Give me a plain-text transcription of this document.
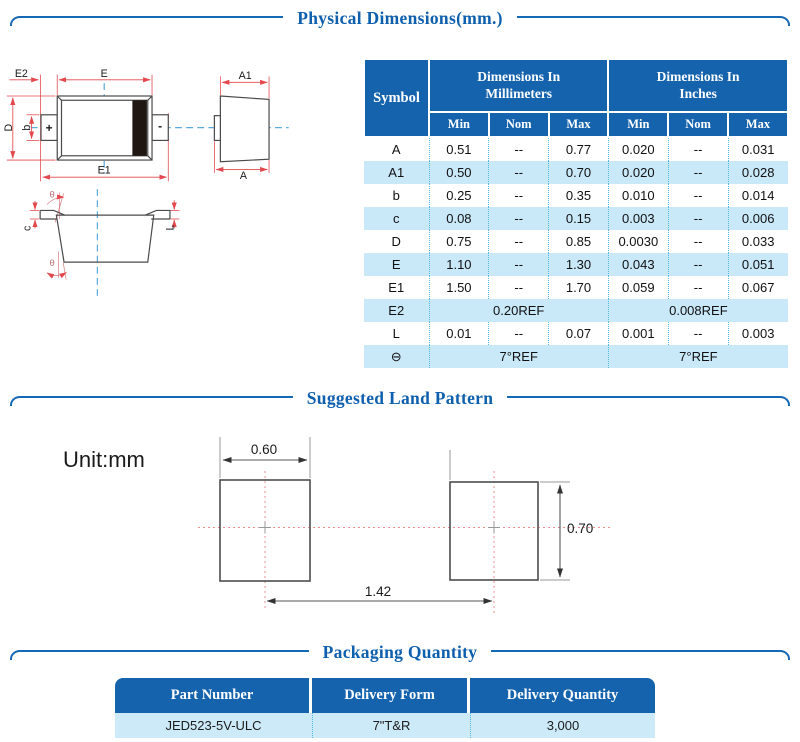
Physical Dimensions(mm.)
E2	E
E1
D b +	-
A1
A
c	L
θ
θ
Symbol	Dimensions In Millimeters			Dimensions In Inches		
	Min	Nom	Max	Min	Nom	Max
A	0.51	--	0.77	0.020	--	0.031
A1	0.50	--	0.70	0.020	--	0.028
b	0.25	--	0.35	0.010	--	0.014
c	0.08	--	0.15	0.003	--	0.006
D	0.75	--	0.85	0.0030	--	0.033
E	1.10	--	1.30	0.043	--	0.051
E1	1.50	--	1.70	0.059	--	0.067
E2	0.20REF			0.008REF		
L	0.01	--	0.07	0.001	--	0.003
⊖	7°REF			7°REF		
Suggested Land Pattern
Unit:mm	0.60
0.70
1.42
Packaging Quantity
Part Number	Delivery Form	Delivery Quantity
JED523-5V-ULC	7"T&R	3,000
